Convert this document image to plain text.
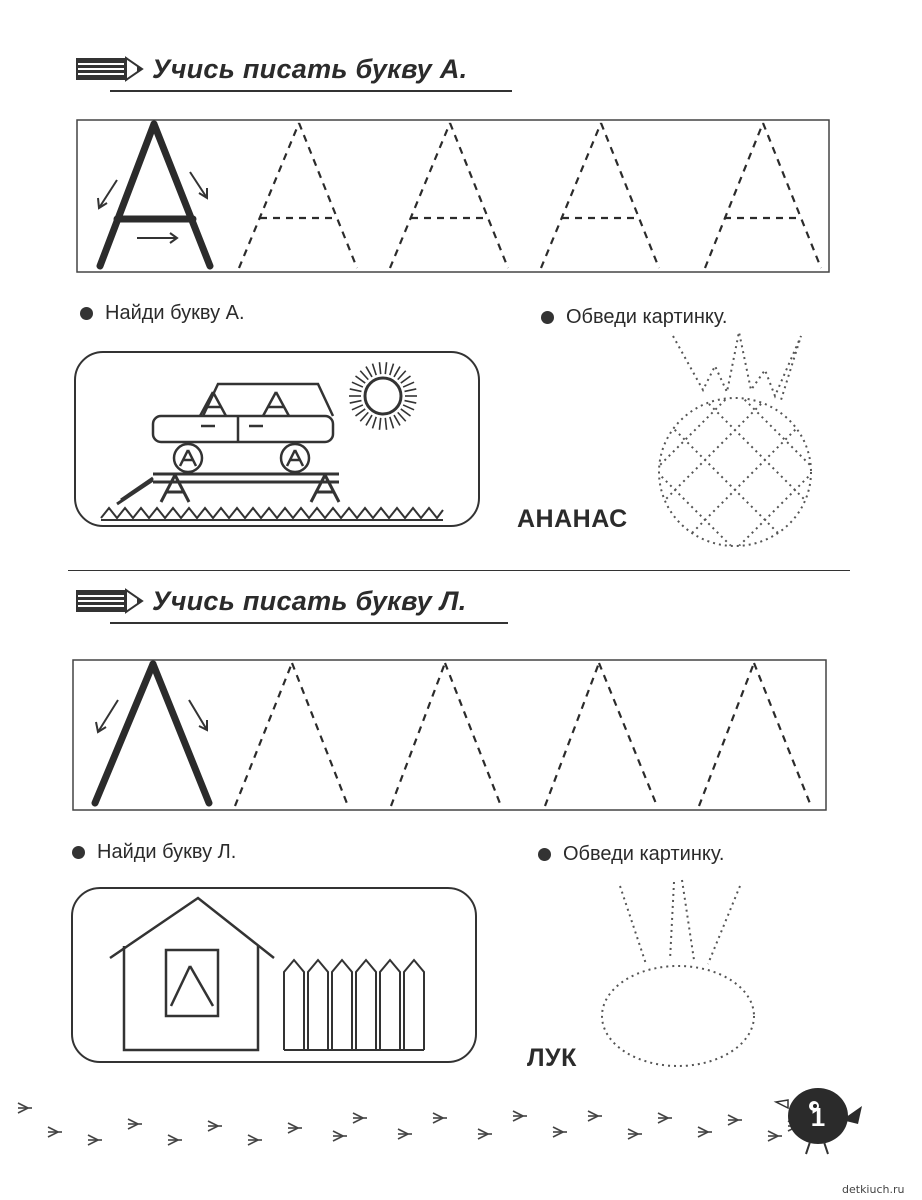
Учись писать букву А.
Найди букву А.	Обведи картинку.
АНАНАС
Учись писать букву Л.
Найди букву Л.	Обведи картинку.
ЛУК
1
detkiuch.ru
